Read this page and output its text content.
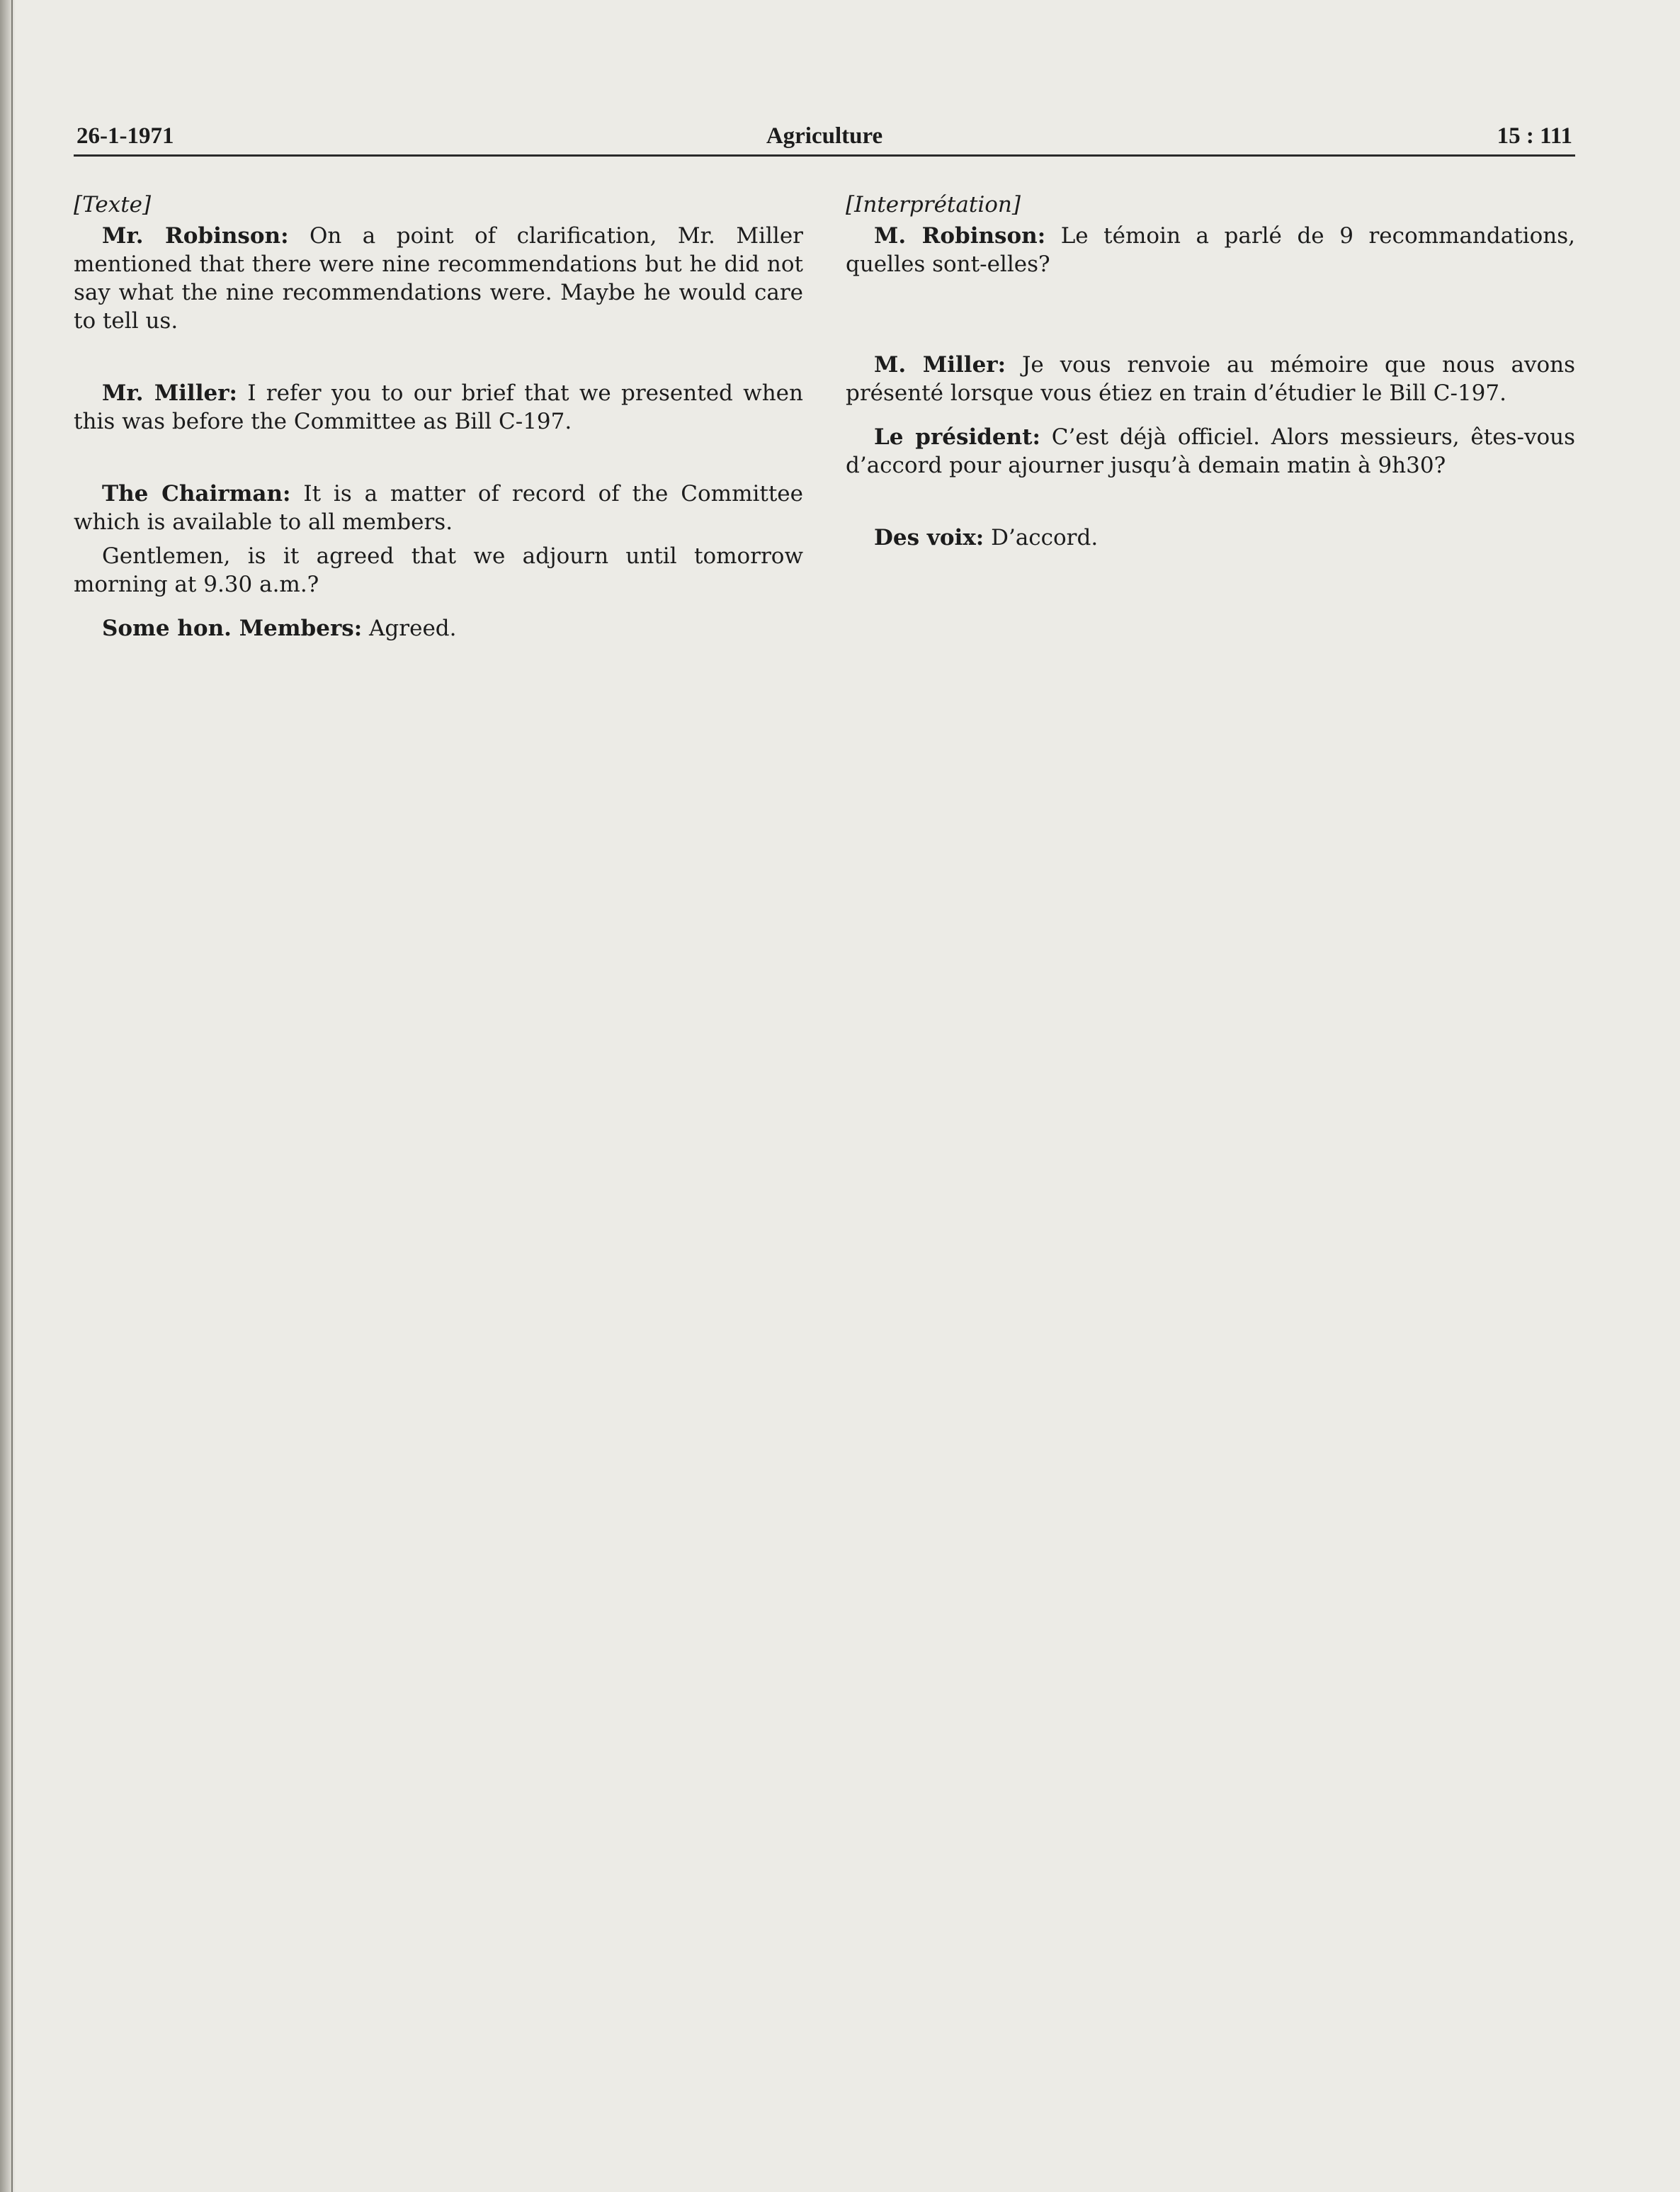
26-1-1971	Agriculture	15 : 111
[Texte]

Mr. Robinson: On a point of clarification, Mr. Miller mentioned that there were nine recommendations but he did not say what the nine recommendations were. Maybe he would care to tell us.

Mr. Miller: I refer you to our brief that we presented when this was before the Committee as Bill C-197.

The Chairman: It is a matter of record of the Committee which is available to all members.

Gentlemen, is it agreed that we adjourn until tomorrow morning at 9.30 a.m.?

Some hon. Members: Agreed.

[Interprétation]

M. Robinson: Le témoin a parlé de 9 recommandations, quelles sont-elles?

M. Miller: Je vous renvoie au mémoire que nous avons présenté lorsque vous étiez en train d’étudier le Bill C-197.

Le président: C’est déjà officiel. Alors messieurs, êtes-vous d’accord pour ajourner jusqu’à demain matin à 9h30?

Des voix: D’accord.
